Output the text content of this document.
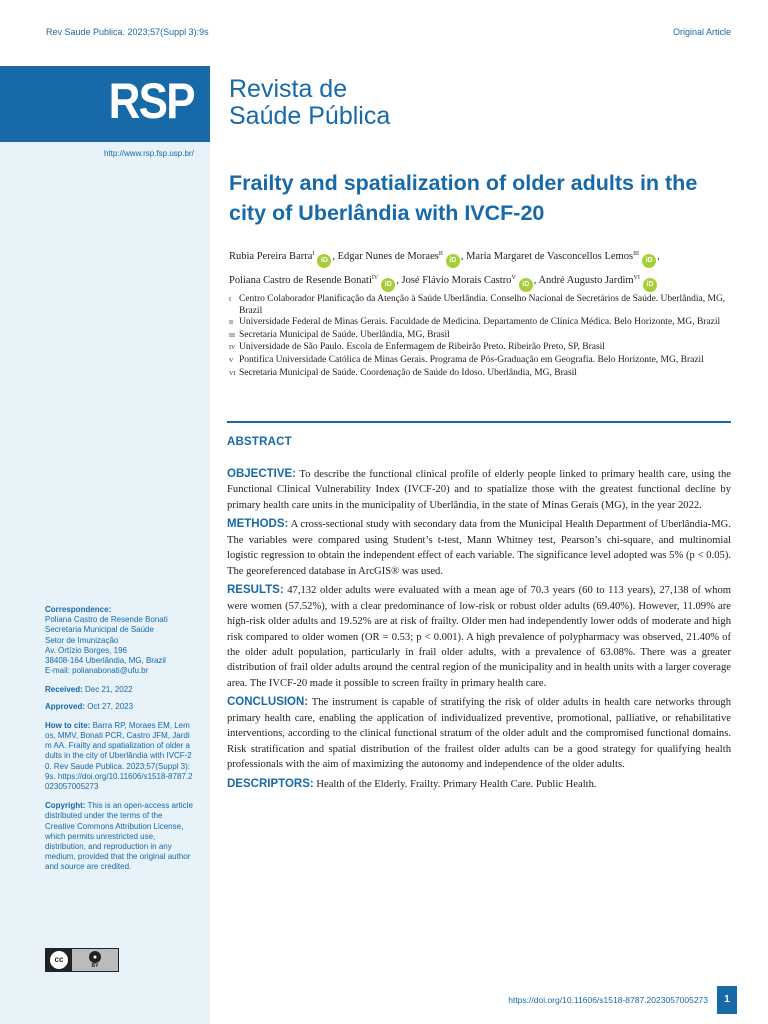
Rev Saude Publica. 2023;57(Suppl 3):9s	Original Article
RSP Revista de
Saúde Pública
http://www.rsp.fsp.usp.br/
Frailty and spatialization of older adults in the city of Uberlândia with IVCF-20
Rubia Pereira Barra$^I$iD , Edgar Nunes de Moraes$^{II}$iD , Maria Margaret de Vasconcellos Lemos$^{III}$iD ,
Poliana Castro de Resende Bonati$^{IV}$iD , José Flávio Morais Castro$^V$iD , André Augusto Jardim$^{VI}$iD
I Centro Colaborador Planificação da Atenção à Saúde Uberlândia. Conselho Nacional de Secretários de Saúde. Uberlândia, MG, Brazil
II Universidade Federal de Minas Gerais. Faculdade de Medicina. Departamento de Clínica Médica. Belo Horizonte, MG, Brazil
III Secretaria Municipal de Saúde. Uberlândia, MG, Brasil
IV Universidade de São Paulo. Escola de Enfermagem de Ribeirão Preto. Ribeirão Preto, SP, Brasil
V Pontifica Universidade Católica de Minas Gerais. Programa de Pós-Graduação em Geografia. Belo Horizonte, MG, Brazil
VI Secretaria Municipal de Saúde. Coordenação de Saúde do Idoso. Uberlândia, MG, Brasil
ABSTRACT

OBJECTIVE: To describe the functional clinical profile of elderly people linked to primary health care, using the Functional Clinical Vulnerability Index (IVCF-20) and to spatialize those with the greatest functional decline by primary health care units in the municipality of Uberlândia, in the state of Minas Gerais (MG), in the year 2022.

METHODS: A cross-sectional study with secondary data from the Municipal Health Department of Uberlândia-MG. The variables were compared using Student’s t-test, Mann Whitney test, Pearson’s chi-square, and multinomial logistic regression to obtain the independent effect of each variable. The significance level adopted was 5% (p < 0.05). The georeferenced database in ArcGIS® was used.

RESULTS: 47,132 older adults were evaluated with a mean age of 70.3 years (60 to 113 years), 27,138 of whom were women (57.52%), with a clear predominance of low-risk or robust older adults (69.40%). However, 11.09% are high-risk older adults and 19.52% are at risk of frailty. Older men had independently lower odds of moderate and high risk compared to older women (OR = 0.53; p < 0.001). A high prevalence of polypharmacy was observed, 21.40% of the older adult population, particularly in frail older adults, with a prevalence of 63.08%. There was a greater distribution of frail older adults around the central region of the municipality and in health units with a larger coverage area. The IVCF-20 made it possible to screen frailty in primary health care.

CONCLUSION: The instrument is capable of stratifying the risk of older adults in health care networks through primary health care, enabling the application of individualized preventive, promotional, palliative, or rehabilitative interventions, according to the clinical functional stratum of the older adult and the compromised functional domains. Risk stratification and spatial distribution of the frailest older adults can be a good strategy for qualifying health professionals with the aim of maximizing the autonomy and independence of the older adults.

DESCRIPTORS: Health of the Elderly. Frailty. Primary Health Care. Public Health.

Correspondence:
Poliana Castro de Resende Bonati
Secretaria Municipal de Saúde
Setor de Imunização
Av. Ortízio Borges, 196
38408-164 Uberlândia, MG, Brazil
E-mail: polianabonati@ufu.br
Received: Dec 21, 2022
Approved: Oct 27, 2023
How to cite: Barra RP, Moraes EM, Lemos, MMV, Bonati PCR, Castro JFM, Jardim AA. Frailty and spatialization of older adults in the city of Uberlândia with IVCF-20. Rev Saude Publica. 2023;57(Suppl 3):9s. https://doi.org/10.11606/s1518-8787.2023057005273
Copyright: This is an open-access article distributed under the terms of the Creative Commons Attribution License, which permits unrestricted use, distribution, and reproduction in any medium, provided that the original author and source are credited.
cc	●
BY
https://doi.org/10.11606/s1518-8787.2023057005273	1
